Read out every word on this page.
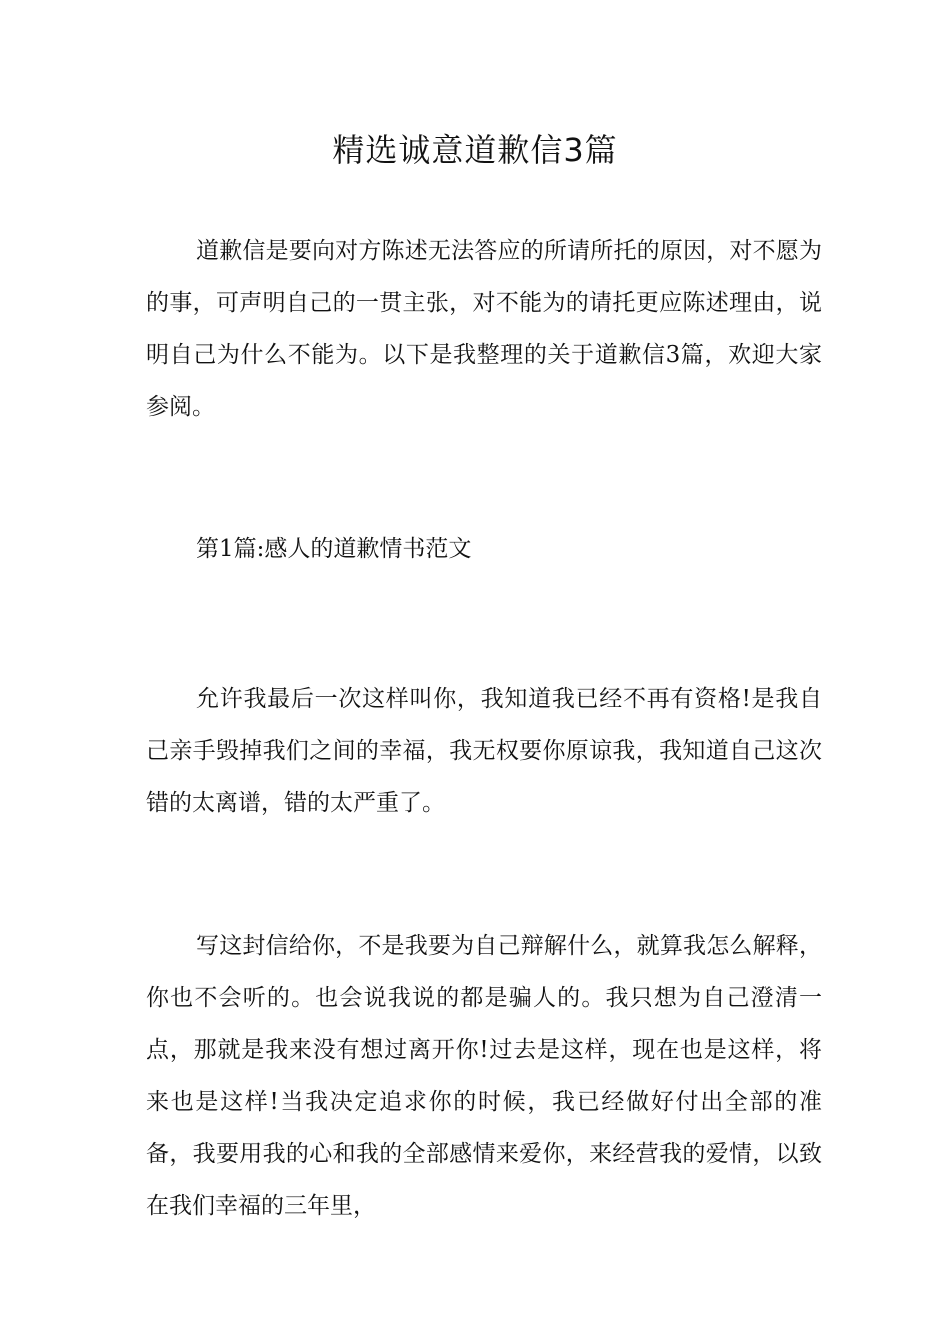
精选诚意道歉信3篇

道歉信是要向对方陈述无法答应的所请所托的原因，对不愿为的事，可声明自己的一贯主张，对不能为的请托更应陈述理由，说明自己为什么不能为。以下是我整理的关于道歉信3篇，欢迎大家参阅。

第1篇:感人的道歉情书范文

允许我最后一次这样叫你，我知道我已经不再有资格!是我自己亲手毁掉我们之间的幸福，我无权要你原谅我，我知道自己这次错的太离谱，错的太严重了。

写这封信给你，不是我要为自己辩解什么，就算我怎么解释，你也不会听的。也会说我说的都是骗人的。我只想为自己澄清一点，那就是我来没有想过离开你!过去是这样，现在也是这样，将来也是这样!当我决定追求你的时候，我已经做好付出全部的准备，我要用我的心和我的全部感情来爱你，来经营我的爱情，以致在我们幸福的三年里，
